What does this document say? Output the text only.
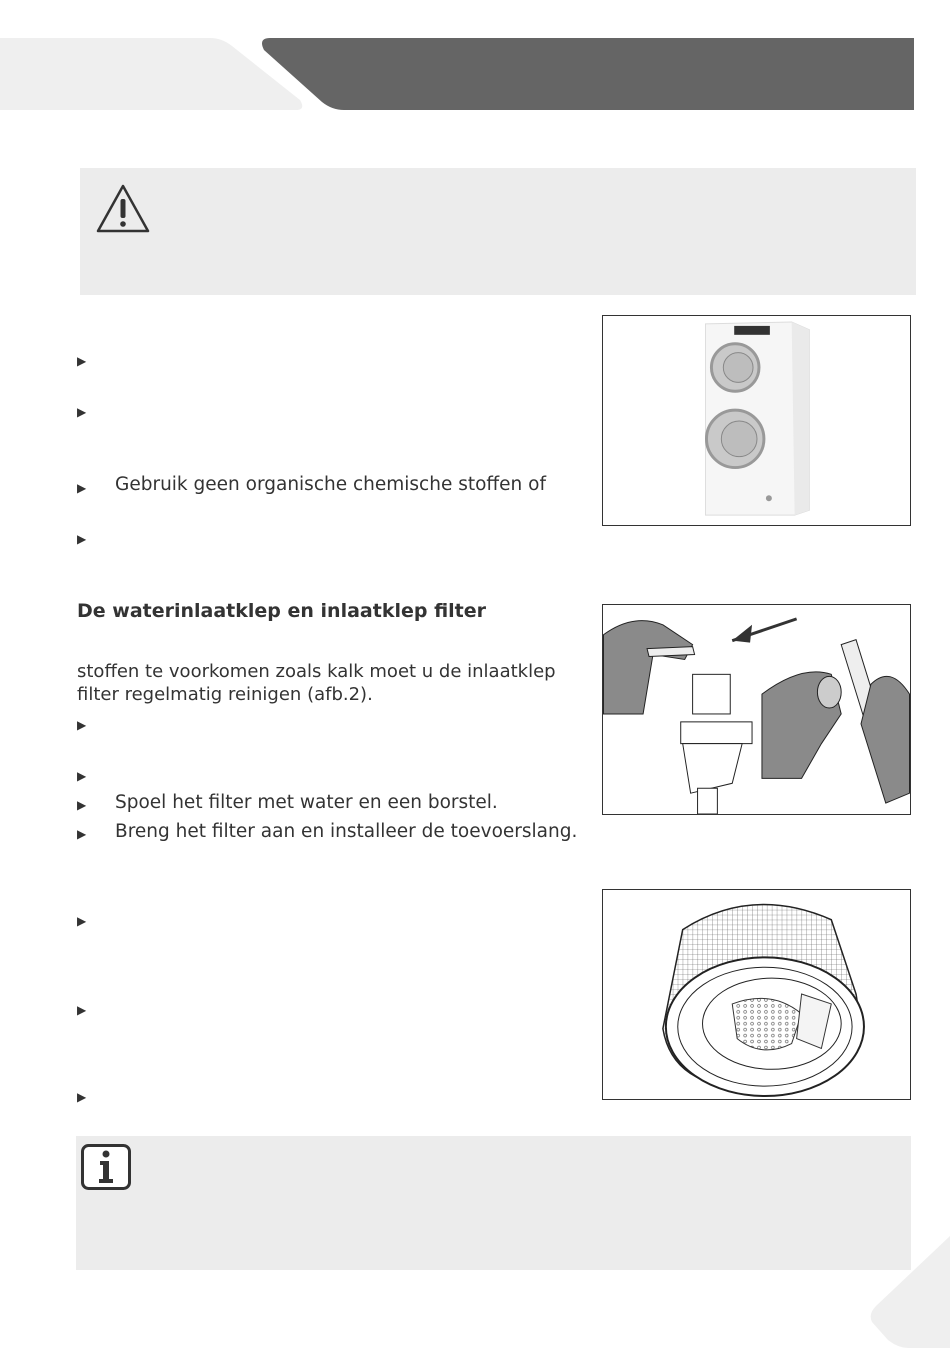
▶
▶
▶ Gebruik geen organische chemische stoffen of
▶
De waterinlaatklep en inlaatklep filter
stoffen te voorkomen zoals kalk moet u de inlaatklep
filter regelmatig reinigen (afb.2).
▶
▶
▶ Spoel het filter met water en een borstel.
▶ Breng het filter aan en installeer de toevoerslang.
▶
▶
▶
